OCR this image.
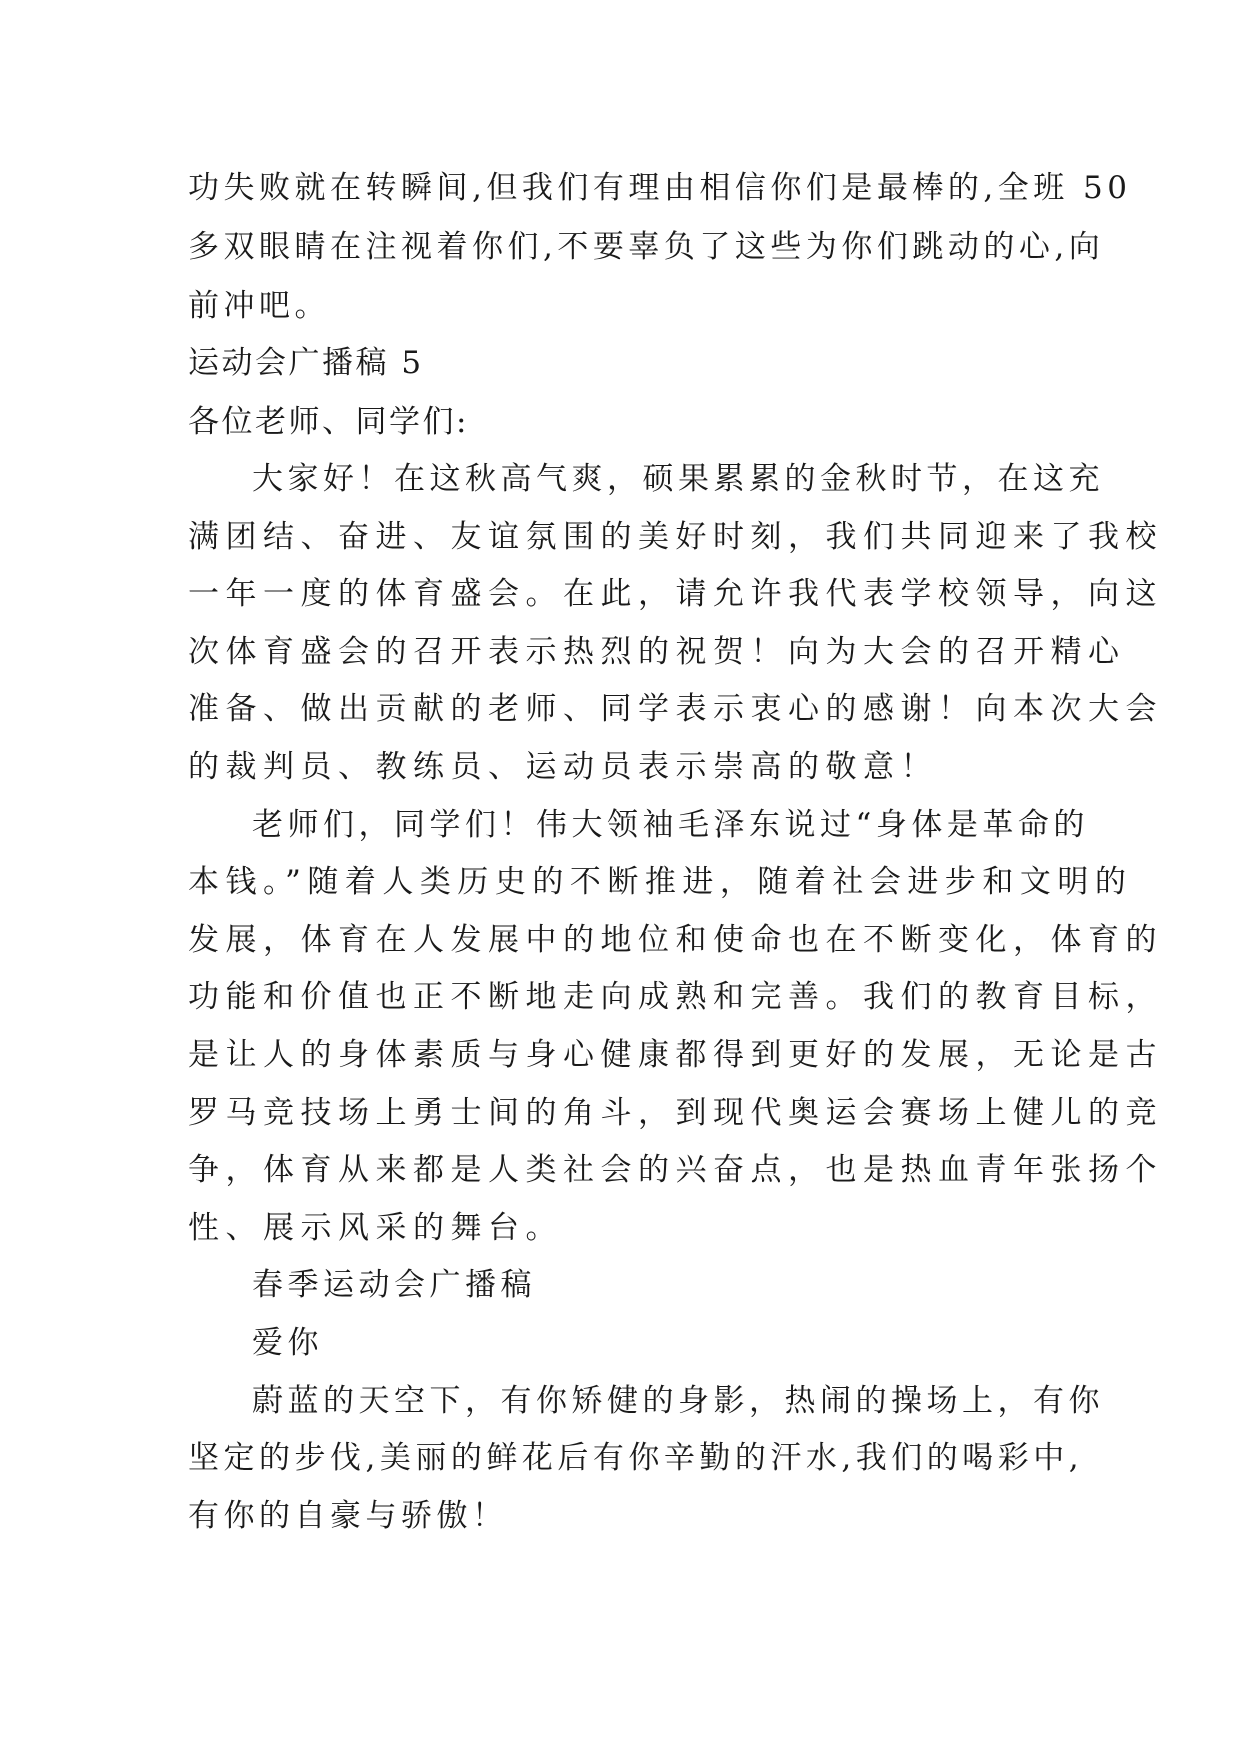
功失败就在转瞬间,但我们有理由相信你们是最棒的,全班 50
多双眼睛在注视着你们,不要辜负了这些为你们跳动的心,向
前冲吧。
运动会广播稿 5
各位老师、同学们:
大家好！在这秋高气爽，硕果累累的金秋时节，在这充
满团结、奋进、友谊氛围的美好时刻，我们共同迎来了我校
一年一度的体育盛会。在此，请允许我代表学校领导，向这
次体育盛会的召开表示热烈的祝贺！向为大会的召开精心
准备、做出贡献的老师、同学表示衷心的感谢！向本次大会
的裁判员、教练员、运动员表示崇高的敬意！
老师们，同学们！伟大领袖毛泽东说过“身体是革命的
本钱。”随着人类历史的不断推进，随着社会进步和文明的
发展，体育在人发展中的地位和使命也在不断变化，体育的
功能和价值也正不断地走向成熟和完善。我们的教育目标，
是让人的身体素质与身心健康都得到更好的发展，无论是古
罗马竞技场上勇士间的角斗，到现代奥运会赛场上健儿的竞
争，体育从来都是人类社会的兴奋点，也是热血青年张扬个
性、展示风采的舞台。
春季运动会广播稿
爱你
蔚蓝的天空下，有你矫健的身影，热闹的操场上，有你
坚定的步伐,美丽的鲜花后有你辛勤的汗水,我们的喝彩中,
有你的自豪与骄傲！
